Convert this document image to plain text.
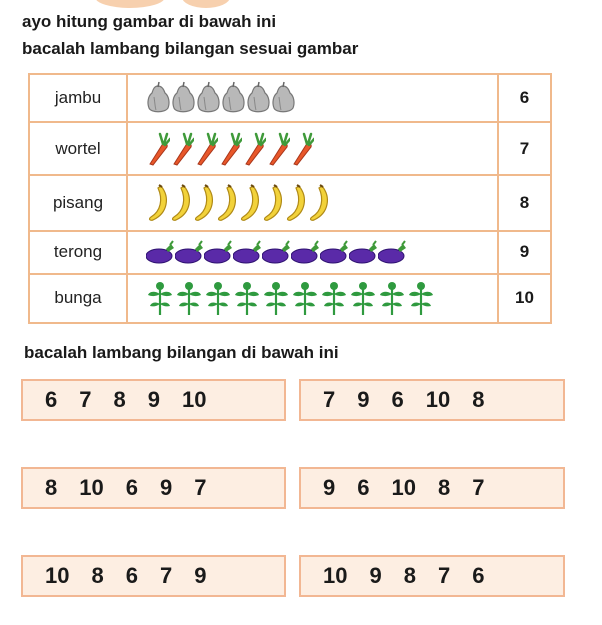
ayo hitung gambar di bawah ini
bacalah lambang bilangan sesuai gambar
jambu		6
wortel		7
pisang		8
terong		9
bunga		10
bacalah lambang bilangan di bawah ini
6 7 8 9 10	7 9 6 10 8
8 10 6 9 7	9 6 10 8 7
10 8 6 7 9	10 9 8 7 6
